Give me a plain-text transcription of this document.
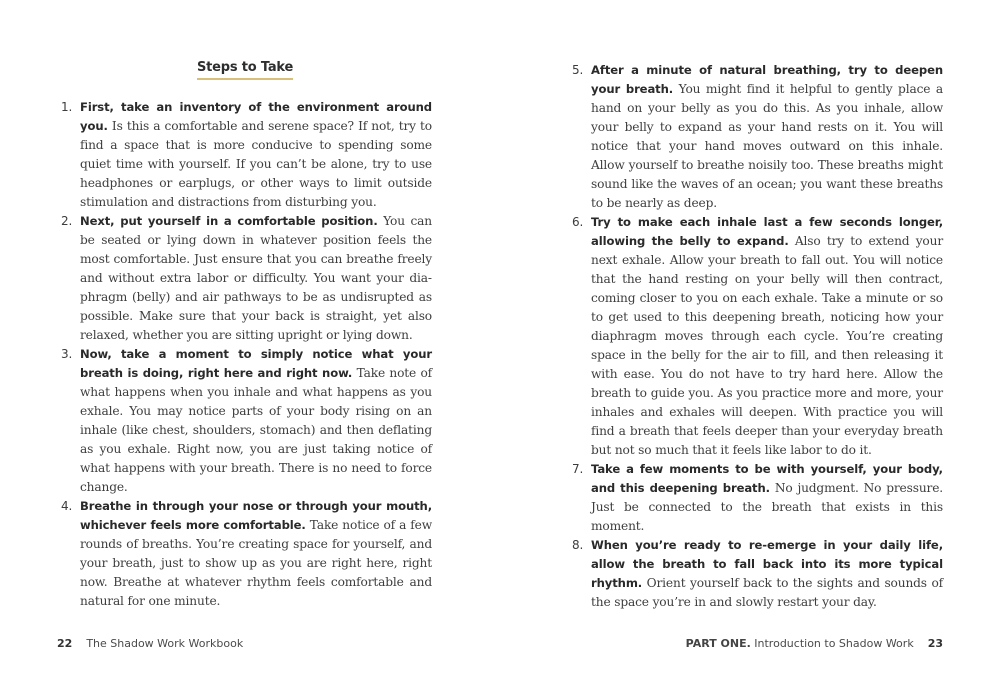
Steps to Take
1. First, take an inventory of the environment around you. Is this a comfortable and serene space? If not, try to find a space that is more conducive to spending some quiet time with yourself. If you can’t be alone, try to use headphones or earplugs, or other ways to limit outside stimulation and distractions from disturbing you.
2. Next, put yourself in a comfortable position. You can be seated or lying down in whatever position feels the most comfortable. Just ensure that you can breathe freely and without extra labor or difficulty. You want your diaphragm (belly) and air pathways to be as undisrupted as possible. Make sure that your back is straight, yet also relaxed, whether you are sitting upright or lying down.
3. Now, take a moment to simply notice what your breath is doing, right here and right now. Take note of what happens when you inhale and what happens as you exhale. You may notice parts of your body rising on an inhale (like chest, shoulders, stomach) and then deflating as you exhale. Right now, you are just taking notice of what happens with your breath. There is no need to force change.
4. Breathe in through your nose or through your mouth, whichever feels more comfortable. Take notice of a few rounds of breaths. You’re creating space for yourself, and your breath, just to show up as you are right here, right now. Breathe at whatever rhythm feels comfortable and natural for one minute.
22 The Shadow Work Workbook
5. After a minute of natural breathing, try to deepen your breath. You might find it helpful to gently place a hand on your belly as you do this. As you inhale, allow your belly to expand as your hand rests on it. You will notice that your hand moves outward on this inhale. Allow yourself to breathe noisily too. These breaths might sound like the waves of an ocean; you want these breaths to be nearly as deep.
6. Try to make each inhale last a few seconds longer, allowing the belly to expand. Also try to extend your next exhale. Allow your breath to fall out. You will notice that the hand resting on your belly will then contract, coming closer to you on each exhale. Take a minute or so to get used to this deepening breath, noticing how your diaphragm moves through each cycle. You’re creating space in the belly for the air to fill, and then releasing it with ease. You do not have to try hard here. Allow the breath to guide you. As you practice more and more, your inhales and exhales will deepen. With practice you will find a breath that feels deeper than your everyday breath but not so much that it feels like labor to do it.
7. Take a few moments to be with yourself, your body, and this deepening breath. No judgment. No pressure. Just be connected to the breath that exists in this moment.
8. When you’re ready to re-emerge in your daily life, allow the breath to fall back into its more typical rhythm. Orient yourself back to the sights and sounds of the space you’re in and slowly restart your day.
PART ONE. Introduction to Shadow Work 23
